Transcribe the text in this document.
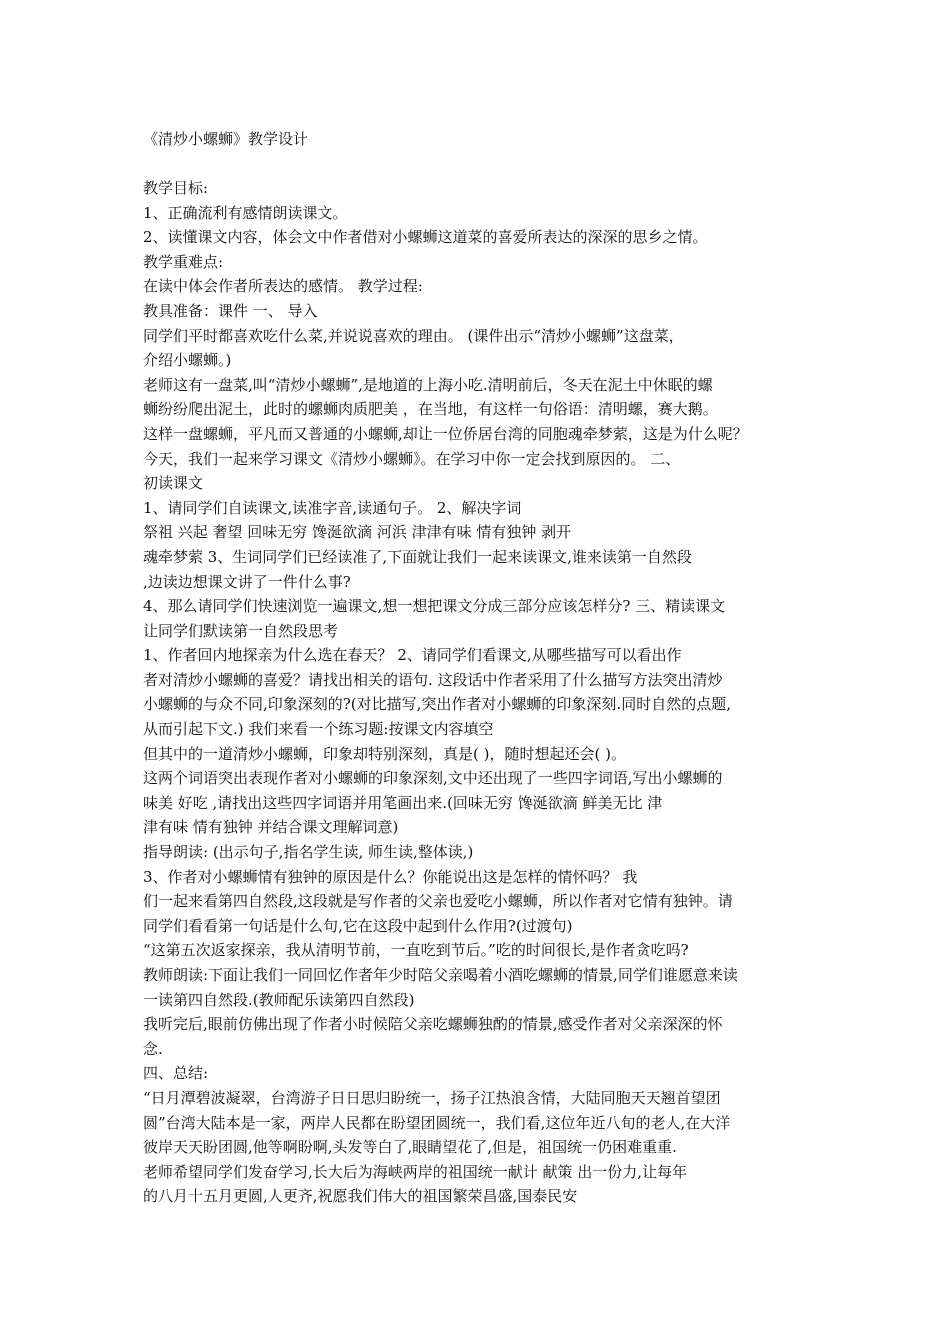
《清炒小螺蛳》教学设计
教学目标:
1、正确流利有感情朗读课文。
2、读懂课文内容，体会文中作者借对小螺蛳这道菜的喜爱所表达的深深的思乡之情。
教学重难点:
在读中体会作者所表达的感情。 教学过程:
教具准备：课件 一、 导入
同学们平时都喜欢吃什么菜,并说说喜欢的理由。 (课件出示“清炒小螺蛳”这盘菜，
介绍小螺蛳。)
老师这有一盘菜,叫“清炒小螺蛳”,是地道的上海小吃.清明前后，冬天在泥土中休眠的螺
蛳纷纷爬出泥土，此时的螺蛳肉质肥美 ，在当地，有这样一句俗语：清明螺，赛大鹅。
这样一盘螺蛳，平凡而又普通的小螺蛳,却让一位侨居台湾的同胞魂牵梦萦，这是为什么呢？
今天，我们一起来学习课文《清炒小螺蛳》。在学习中你一定会找到原因的。 二、
初读课文
1、请同学们自读课文,读准字音,读通句子。 2、解决字词
祭祖 兴起 奢望 回味无穷 馋涎欲滴 河浜 津津有味 情有独钟 剥开
魂牵梦萦 3、生词同学们已经读准了,下面就让我们一起来读课文,谁来读第一自然段
,边读边想课文讲了一件什么事?
4、那么请同学们快速浏览一遍课文,想一想把课文分成三部分应该怎样分? 三、精读课文
让同学们默读第一自然段思考
1、作者回内地探亲为什么选在春天？ 2、请同学们看课文,从哪些描写可以看出作
者对清炒小螺蛳的喜爱？请找出相关的语句. 这段话中作者采用了什么描写方法突出清炒
小螺蛳的与众不同,印象深刻的?(对比描写,突出作者对小螺蛳的印象深刻.同时自然的点题,
从而引起下文.) 我们来看一个练习题:按课文内容填空
但其中的一道清炒小螺蛳，印象却特别深刻，真是( )，随时想起还会( )。
这两个词语突出表现作者对小螺蛳的印象深刻,文中还出现了一些四字词语,写出小螺蛳的
味美 好吃 ,请找出这些四字词语并用笔画出来.(回味无穷 馋涎欲滴 鲜美无比 津
津有味 情有独钟 并结合课文理解词意)
指导朗读: (出示句子,指名学生读, 师生读,整体读,)
3、作者对小螺蛳情有独钟的原因是什么？你能说出这是怎样的情怀吗？ 我
们一起来看第四自然段,这段就是写作者的父亲也爱吃小螺蛳，所以作者对它情有独钟。请
同学们看看第一句话是什么句,它在这段中起到什么作用?(过渡句)
“这第五次返家探亲，我从清明节前，一直吃到节后。”吃的时间很长,是作者贪吃吗?
教师朗读:下面让我们一同回忆作者年少时陪父亲喝着小酒吃螺蛳的情景,同学们谁愿意来读
一读第四自然段.(教师配乐读第四自然段)
我听完后,眼前仿佛出现了作者小时候陪父亲吃螺蛳独酌的情景,感受作者对父亲深深的怀
念.
四、总结:
“日月潭碧波凝翠，台湾游子日日思归盼统一，扬子江热浪含情，大陆同胞天天翘首望团
圆”台湾大陆本是一家，两岸人民都在盼望团圆统一，我们看,这位年近八旬的老人,在大洋
彼岸天天盼团圆,他等啊盼啊,头发等白了,眼睛望花了,但是，祖国统一仍困难重重.
老师希望同学们发奋学习,长大后为海峡两岸的祖国统一献计 献策 出一份力,让每年
的八月十五月更圆,人更齐,祝愿我们伟大的祖国繁荣昌盛,国泰民安
